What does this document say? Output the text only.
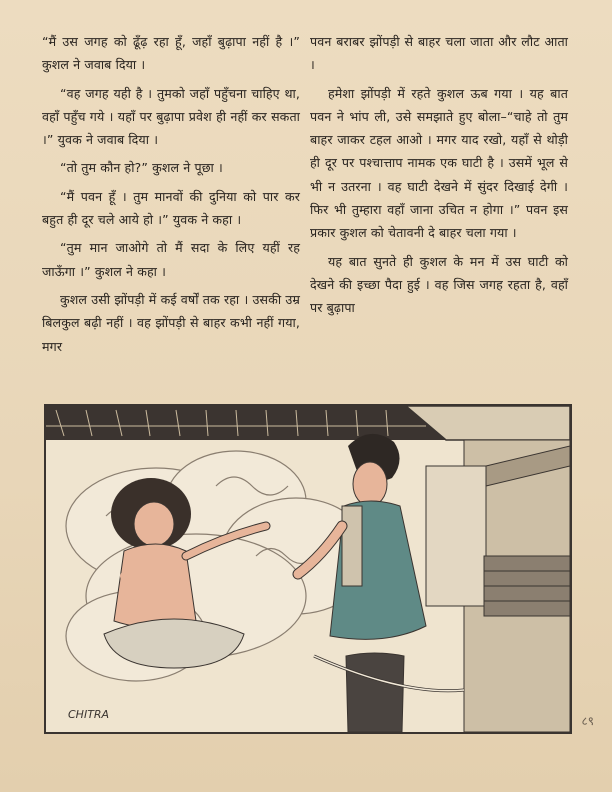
“मैं उस जगह को ढूँढ़ रहा हूँ, जहाँ बुढ़ापा नहीं है ।” कुशल ने जवाब दिया ।

“वह जगह यही है । तुमको जहाँ पहुँचना चाहिए था, वहाँ पहुँच गये । यहाँ पर बुढ़ापा प्रवेश ही नहीं कर सकता ।” युवक ने जवाब दिया ।

“तो तुम कौन हो?” कुशल ने पूछा ।

“मैं पवन हूँ । तुम मानवों की दुनिया को पार कर बहुत ही दूर चले आये हो ।” युवक ने कहा ।

“तुम मान जाओगे तो मैं सदा के लिए यहीं रह जाऊँगा ।” कुशल ने कहा ।

कुशल उसी झोंपड़ी में कई वर्षों तक रहा । उसकी उम्र बिलकुल बढ़ी नहीं । वह झोंपड़ी से बाहर कभी नहीं गया, मगर

पवन बराबर झोंपड़ी से बाहर चला जाता और लौट आता ।

हमेशा झोंपड़ी में रहते कुशल ऊब गया । यह बात पवन ने भांप ली, उसे समझाते हुए बोला–“चाहे तो तुम बाहर जाकर टहल आओ । मगर याद रखो, यहाँ से थोड़ी ही दूर पर पश्चात्ताप नामक एक घाटी है । उसमें भूल से भी न उतरना । वह घाटी देखने में सुंदर दिखाई देगी । फिर भी तुम्हारा वहाँ जाना उचित न होगा ।” पवन इस प्रकार कुशल को चेतावनी दे बाहर चला गया ।

यह बात सुनते ही कुशल के मन में उस घाटी को देखने की इच्छा पैदा हुई । वह जिस जगह रहता है, वहाँ पर बुढ़ापा

CHITRA	८९
